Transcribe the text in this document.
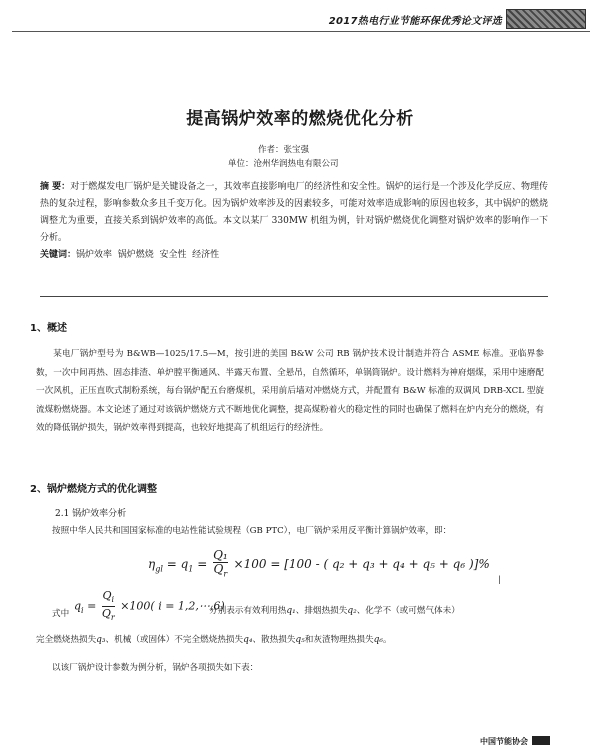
2017热电行业节能环保优秀论文评选
提高锅炉效率的燃烧优化分析
作者：张宝强
单位：沧州华润热电有限公司
摘 要：对于燃煤发电厂锅炉是关键设备之一，其效率直接影响电厂的经济性和安全性。锅炉的运行是一个涉及化学反应、物理传热的复杂过程，影响参数众多且千变万化。因为锅炉效率涉及的因素较多，可能对效率造成影响的原因也较多，其中锅炉的燃烧调整尤为重要，直接关系到锅炉效率的高低。本文以某厂 330MW 机组为例，针对锅炉燃烧优化调整对锅炉效率的影响作一下分析。
关键词：锅炉效率  锅炉燃烧  安全性  经济性
1、概述
某电厂锅炉型号为 B&WB—1025/17.5—M，按引进的美国 B&W 公司 RB 锅炉技术设计制造并符合 ASME 标准。亚临界参数，一次中间再热、固态排渣、单炉膛平衡通风、半露天布置、全悬吊，自然循环，单锅筒锅炉。设计燃料为神府烟煤，采用中速磨配一次风机，正压直吹式制粉系统，每台锅炉配五台磨煤机，采用前后墙对冲燃烧方式，并配置有 B&W 标准的双调风 DRB-XCL 型旋流煤粉燃烧器。本文论述了通过对该锅炉燃烧方式不断地优化调整，提高煤粉着火的稳定性的同时也确保了燃料在炉内充分的燃烧，有效的降低锅炉损失，锅炉效率得到提高，也较好地提高了机组运行的经济性。
2、锅炉燃烧方式的优化调整
2.1 锅炉效率分析
按照中华人民共和国国家标准的电站性能试验规程（GB PTC），电厂锅炉采用反平衡计算锅炉效率，即：
$\eta_{gl} = q_1 = \frac{\text{Q₁}}{Q_r} \times 100 = [100$ - ( q₂ + q₃ + q₄ + q₅ + q₆ )]%
|
$q_i = \frac{Q_i}{Q_r} \times 100$( i = 1,2,⋯,6)
式中	分别表示有效利用热q₁、排烟热损失q₂、化学不（或可燃气体未）
完全燃烧热损失q₃、机械（或固体）不完全燃烧热损失q₄、散热损失q₅和灰渣物理热损失q₆。
以该厂锅炉设计参数为例分析，锅炉各项损失如下表：
中国节能协会
